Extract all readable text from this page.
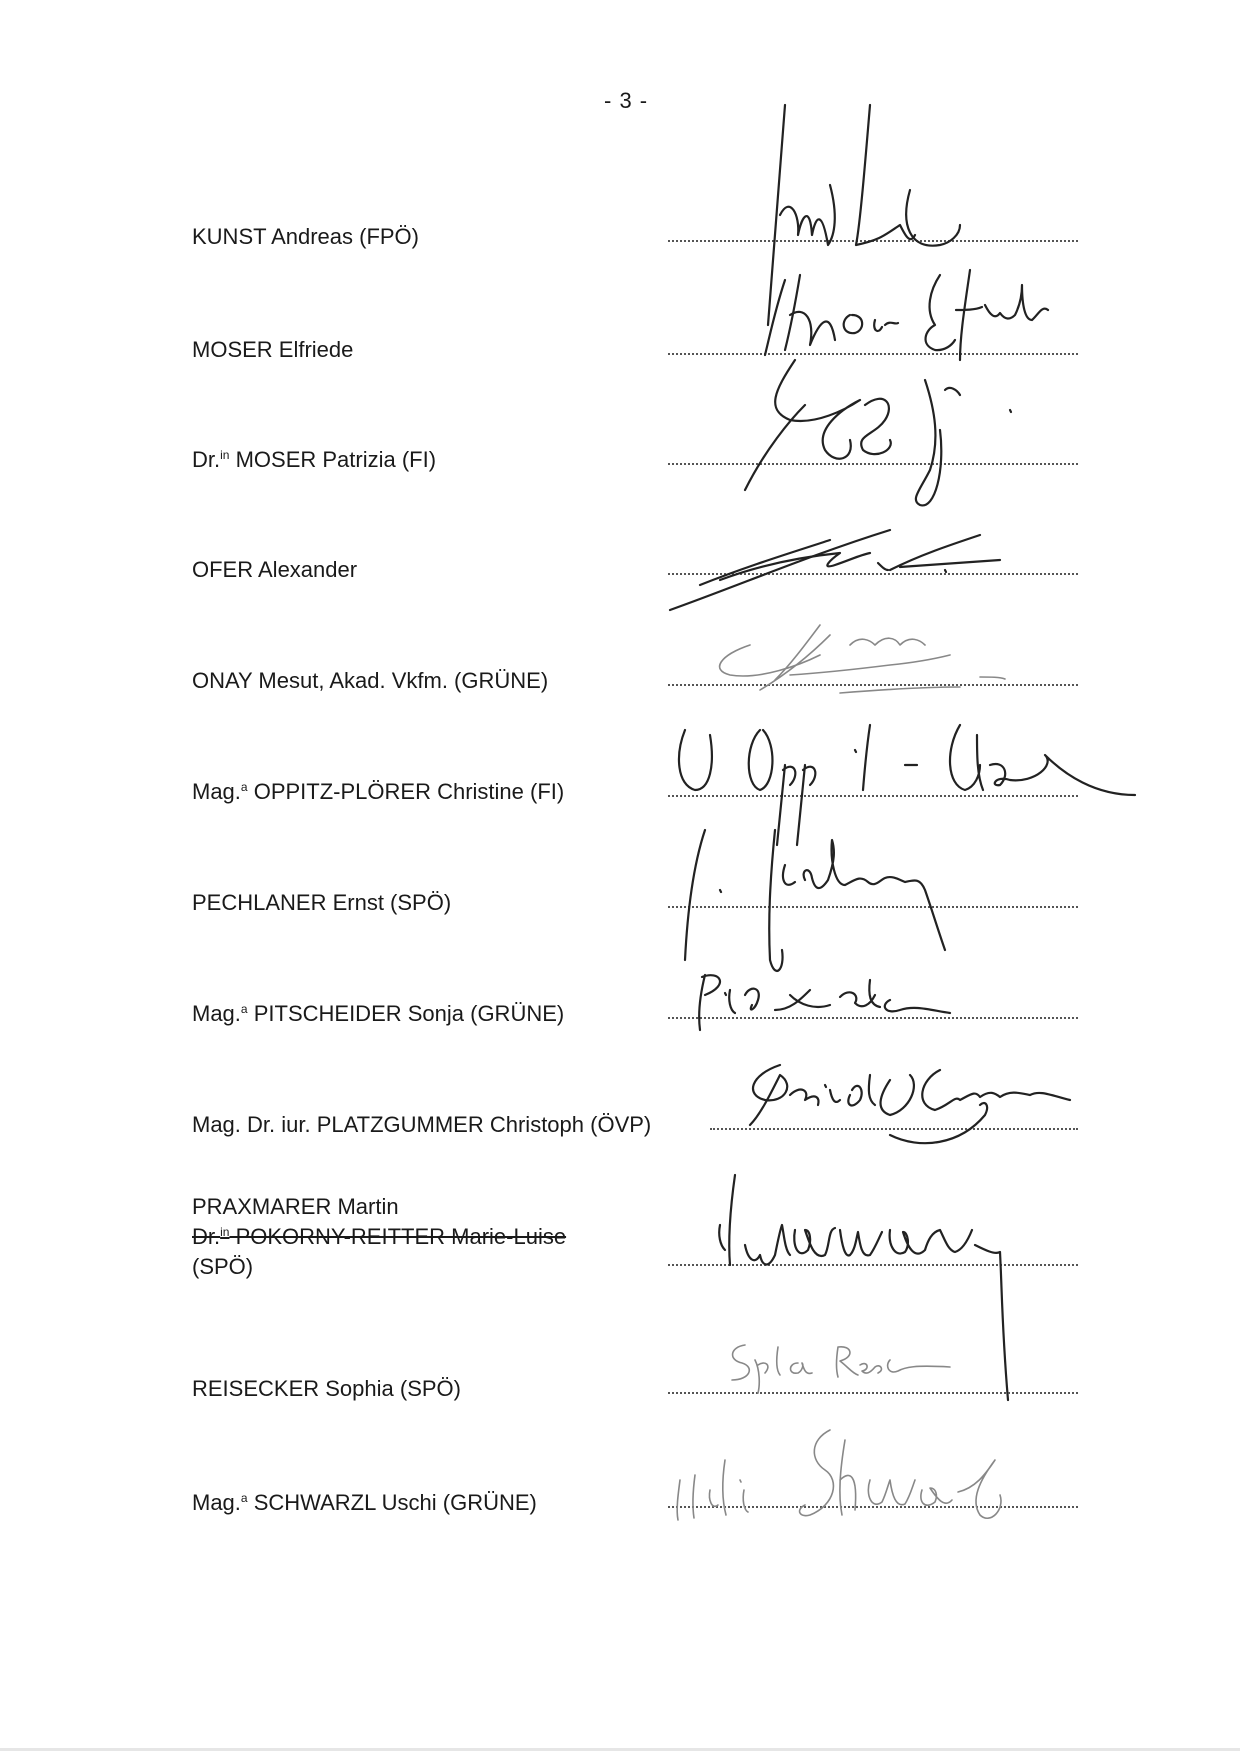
- 3 -
KUNST Andreas (FPÖ)
MOSER Elfriede
Dr.$^{in}$ MOSER Patrizia (FI)
OFER Alexander
ONAY Mesut, Akad. Vkfm. (GRÜNE)
Mag.$^a$ OPPITZ-PLÖRER Christine (FI)
PECHLANER Ernst (SPÖ)
Mag.$^a$ PITSCHEIDER Sonja (GRÜNE)
Mag. Dr. iur. PLATZGUMMER Christoph (ÖVP)
PRAXMARER Martin
Dr.$^{in}$ POKORNY-REITTER Marie-Luise
(SPÖ)
REISECKER Sophia (SPÖ)
Mag.$^a$ SCHWARZL Uschi (GRÜNE)
